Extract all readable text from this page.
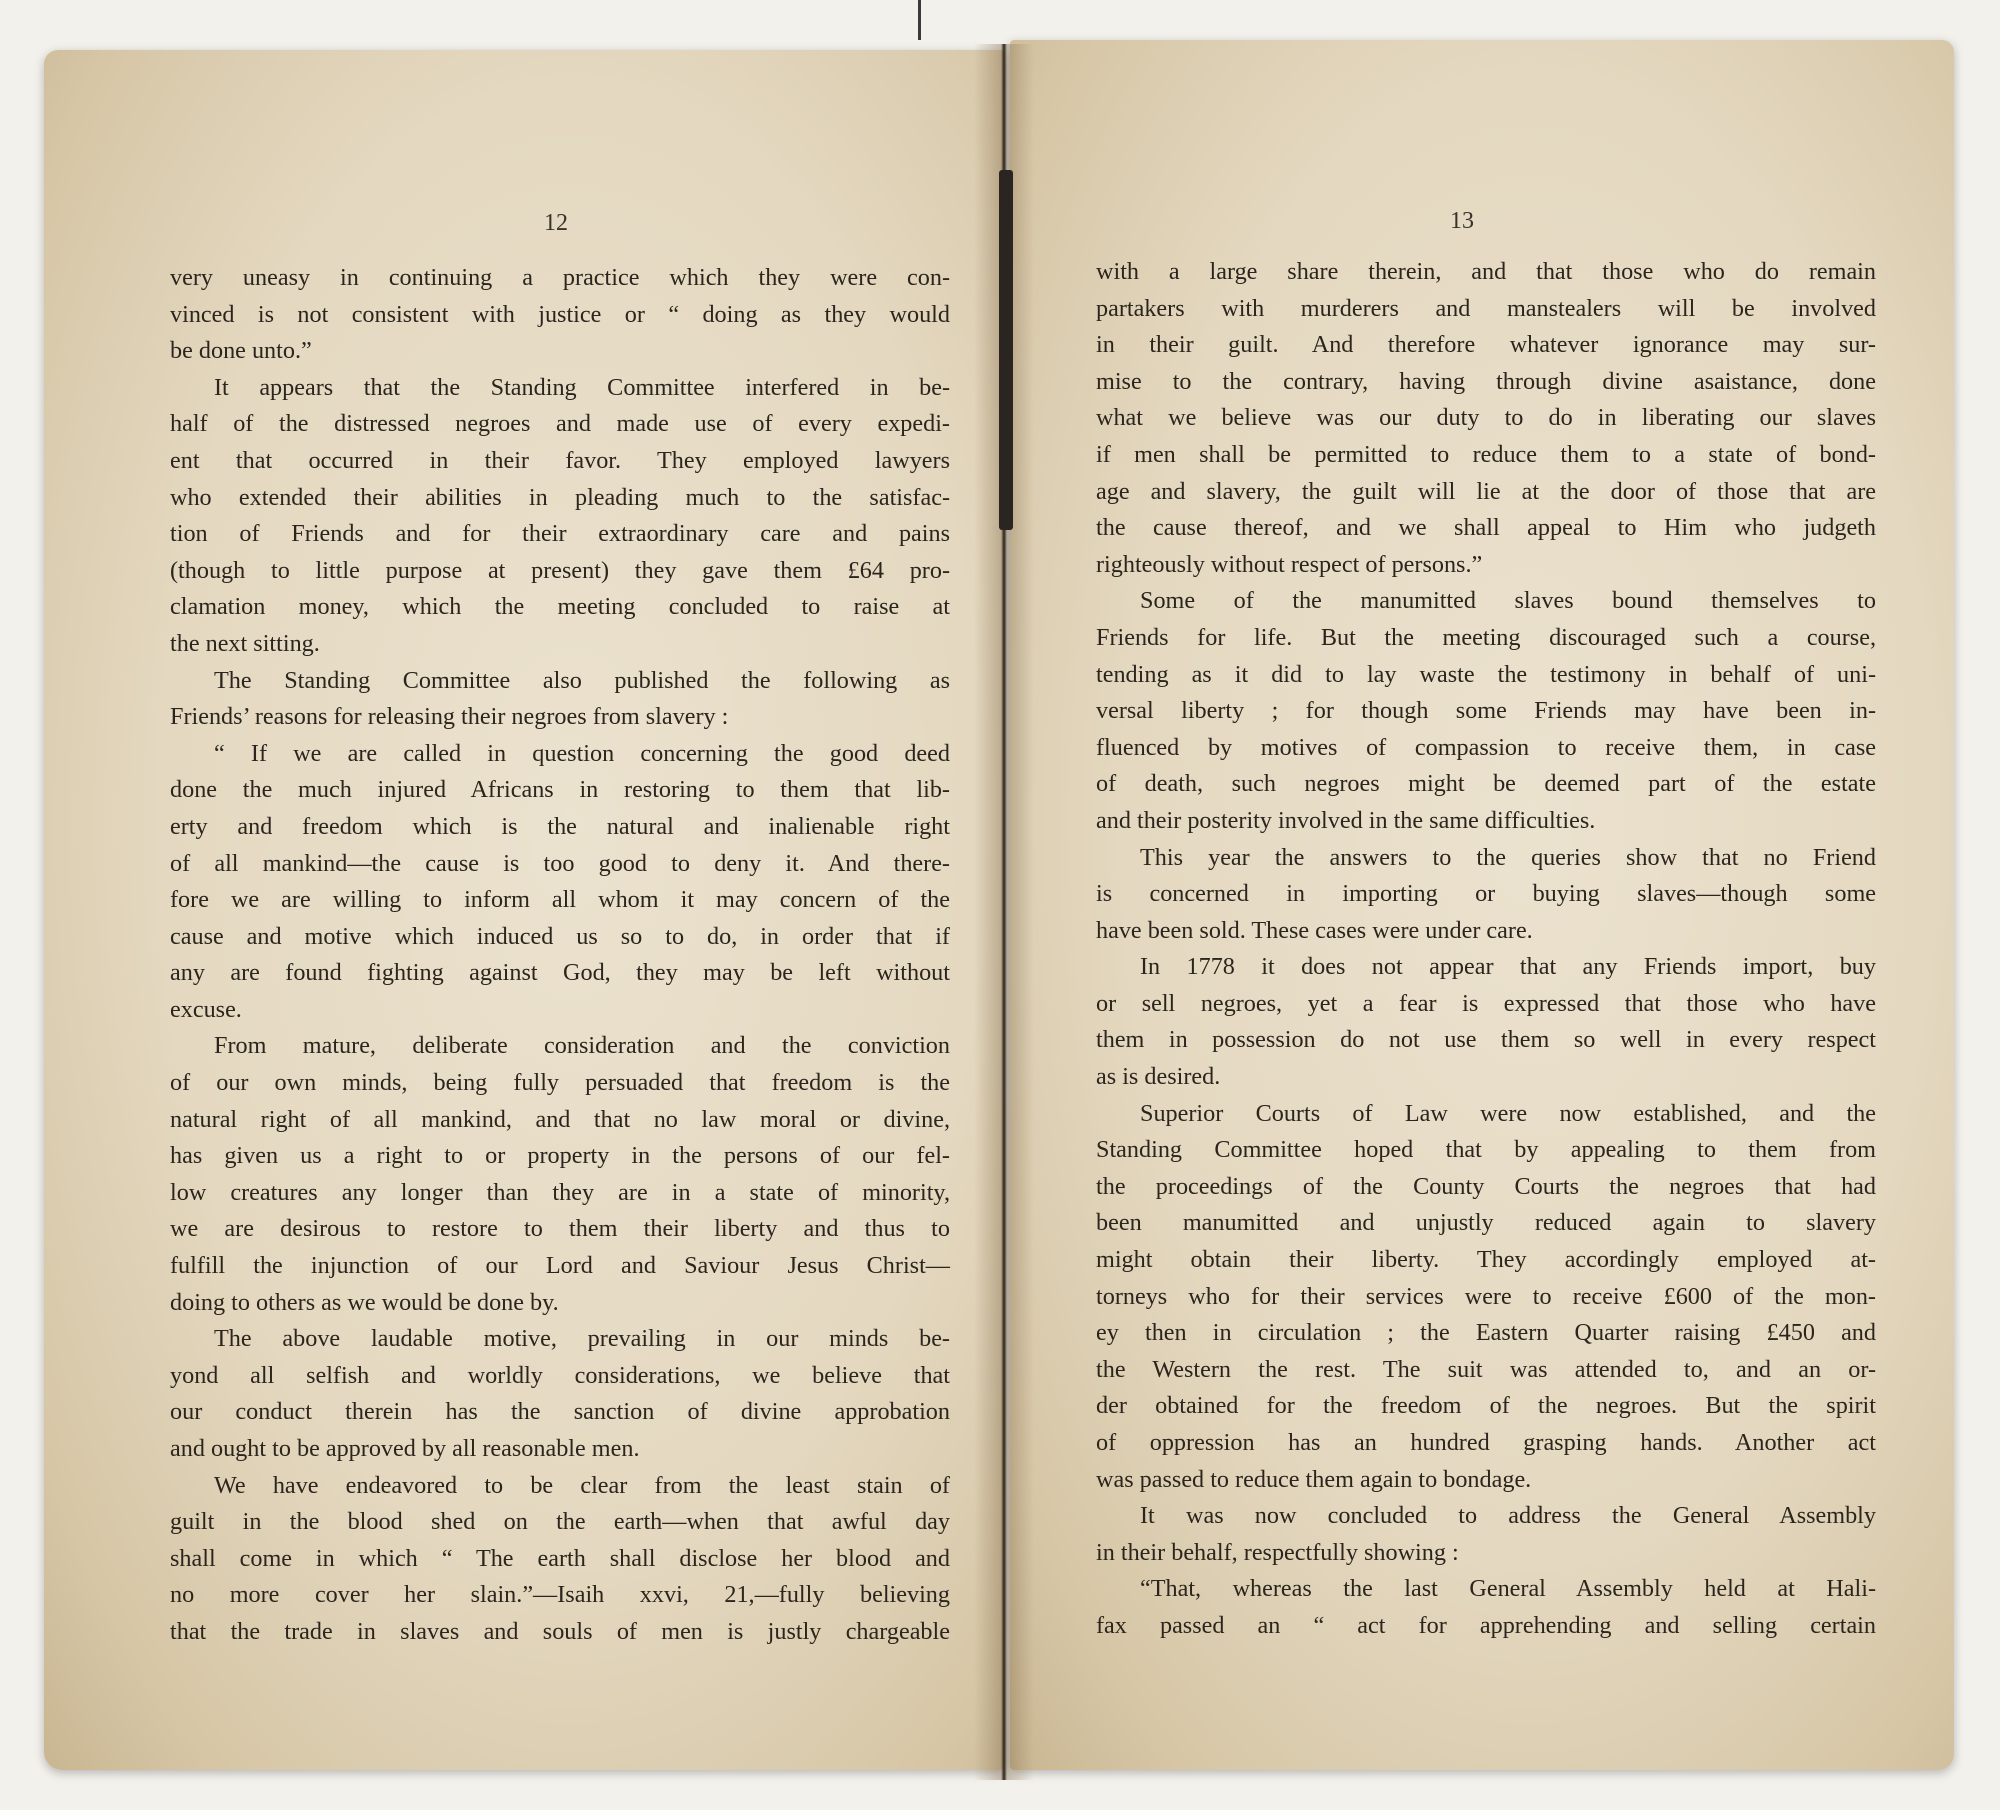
12
very uneasy in continuing a practice which they were con-
vinced is not consistent with justice or “ doing as they would
be done unto.”
It appears that the Standing Committee interfered in be-
half of the distressed negroes and made use of every expedi-
ent that occurred in their favor. They employed lawyers
who extended their abilities in pleading much to the satisfac-
tion of Friends and for their extraordinary care and pains
(though to little purpose at present) they gave them £64 pro-
clamation money, which the meeting concluded to raise at
the next sitting.
The Standing Committee also published the following as
Friends’ reasons for releasing their negroes from slavery :
“ If we are called in question concerning the good deed
done the much injured Africans in restoring to them that lib-
erty and freedom which is the natural and inalienable right
of all mankind—the cause is too good to deny it. And there-
fore we are willing to inform all whom it may concern of the
cause and motive which induced us so to do, in order that if
any are found fighting against God, they may be left without
excuse.
From mature, deliberate consideration and the conviction
of our own minds, being fully persuaded that freedom is the
natural right of all mankind, and that no law moral or divine,
has given us a right to or property in the persons of our fel-
low creatures any longer than they are in a state of minority,
we are desirous to restore to them their liberty and thus to
fulfill the injunction of our Lord and Saviour Jesus Christ—
doing to others as we would be done by.
The above laudable motive, prevailing in our minds be-
yond all selfish and worldly considerations, we believe that
our conduct therein has the sanction of divine approbation
and ought to be approved by all reasonable men.
We have endeavored to be clear from the least stain of
guilt in the blood shed on the earth—when that awful day
shall come in which “ The earth shall disclose her blood and
no more cover her slain.”—Isaih xxvi, 21,—fully believing
that the trade in slaves and souls of men is justly chargeable
13
with a large share therein, and that those who do remain
partakers with murderers and manstealers will be involved
in their guilt. And therefore whatever ignorance may sur-
mise to the contrary, having through divine asaistance, done
what we believe was our duty to do in liberating our slaves
if men shall be permitted to reduce them to a state of bond-
age and slavery, the guilt will lie at the door of those that are
the cause thereof, and we shall appeal to Him who judgeth
righteously without respect of persons.”
Some of the manumitted slaves bound themselves to
Friends for life. But the meeting discouraged such a course,
tending as it did to lay waste the testimony in behalf of uni-
versal liberty ; for though some Friends may have been in-
fluenced by motives of compassion to receive them, in case
of death, such negroes might be deemed part of the estate
and their posterity involved in the same difficulties.
This year the answers to the queries show that no Friend
is concerned in importing or buying slaves—though some
have been sold. These cases were under care.
In 1778 it does not appear that any Friends import, buy
or sell negroes, yet a fear is expressed that those who have
them in possession do not use them so well in every respect
as is desired.
Superior Courts of Law were now established, and the
Standing Committee hoped that by appealing to them from
the proceedings of the County Courts the negroes that had
been manumitted and unjustly reduced again to slavery
might obtain their liberty. They accordingly employed at-
torneys who for their services were to receive £600 of the mon-
ey then in circulation ; the Eastern Quarter raising £450 and
the Western the rest. The suit was attended to, and an or-
der obtained for the freedom of the negroes. But the spirit
of oppression has an hundred grasping hands. Another act
was passed to reduce them again to bondage.
It was now concluded to address the General Assembly
in their behalf, respectfully showing :
“That, whereas the last General Assembly held at Hali-
fax passed an “ act for apprehending and selling certain
